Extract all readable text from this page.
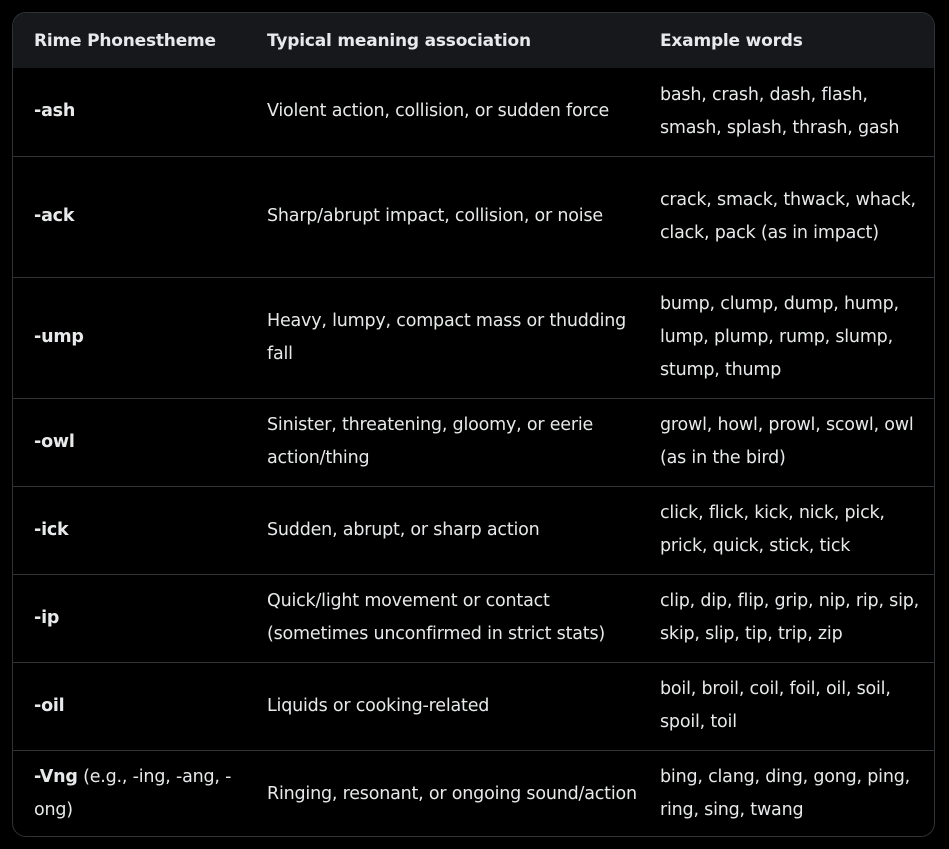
Rime Phonestheme	Typical meaning association	Example words
-ash	Violent action, collision, or sudden force	bash, crash, dash, flash, smash, splash, thrash, gash
-ack	Sharp/abrupt impact, collision, or noise	crack, smack, thwack, whack, clack, pack (as in impact)
-ump	Heavy, lumpy, compact mass or thudding fall	bump, clump, dump, hump, lump, plump, rump, slump, stump, thump
-owl	Sinister, threatening, gloomy, or eerie action/thing	growl, howl, prowl, scowl, owl (as in the bird)
-ick	Sudden, abrupt, or sharp action	click, flick, kick, nick, pick, prick, quick, stick, tick
-ip	Quick/light movement or contact (sometimes unconfirmed in strict stats)	clip, dip, flip, grip, nip, rip, sip, skip, slip, tip, trip, zip
-oil	Liquids or cooking-related	boil, broil, coil, foil, oil, soil, spoil, toil
-Vng (e.g., -ing, -ang, -ong)	Ringing, resonant, or ongoing sound/action	bing, clang, ding, gong, ping, ring, sing, twang
